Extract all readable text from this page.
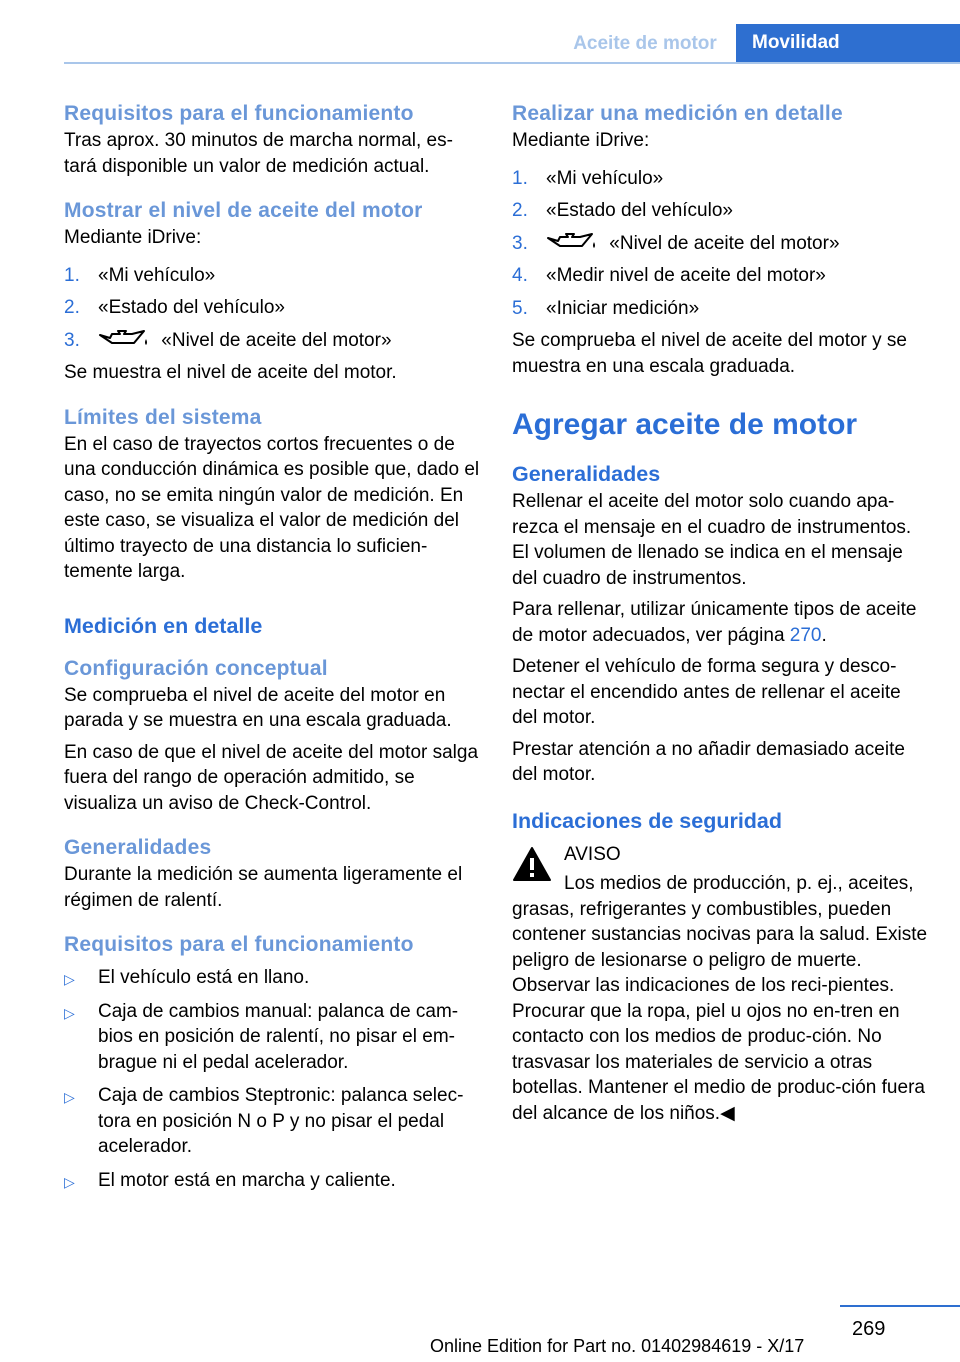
Aceite de motor	Movilidad
Requisitos para el funcionamiento

Tras aprox. 30 minutos de marcha normal, es‐tará disponible un valor de medición actual.

Mostrar el nivel de aceite del motor

Mediante iDrive:

1. «Mi vehículo»
2. «Estado del vehículo»
3.	«Nivel de aceite del motor»

Se muestra el nivel de aceite del motor.

Límites del sistema

En el caso de trayectos cortos frecuentes o de una conducción dinámica es posible que, dado el caso, no se emita ningún valor de medición. En este caso, se visualiza el valor de medición del último trayecto de una distancia lo suficien‐temente larga.

Medición en detalle
Configuración conceptual

Se comprueba el nivel de aceite del motor en parada y se muestra en una escala graduada.

En caso de que el nivel de aceite del motor salga fuera del rango de operación admitido, se visualiza un aviso de Check-Control.

Generalidades

Durante la medición se aumenta ligeramente el régimen de ralentí.

Requisitos para el funcionamiento
▷ El vehículo está en llano.
▷ Caja de cambios manual: palanca de cam‐bios en posición de ralentí, no pisar el em‐brague ni el pedal acelerador.
▷ Caja de cambios Steptronic: palanca selec‐tora en posición N o P y no pisar el pedal acelerador.
▷ El motor está en marcha y caliente.
Realizar una medición en detalle

Mediante iDrive:

1. «Mi vehículo»
2. «Estado del vehículo»
3.	«Nivel de aceite del motor»
4. «Medir nivel de aceite del motor»
5. «Iniciar medición»

Se comprueba el nivel de aceite del motor y se muestra en una escala graduada.

Agregar aceite de motor
Generalidades

Rellenar el aceite del motor solo cuando apa‐rezca el mensaje en el cuadro de instrumentos. El volumen de llenado se indica en el mensaje del cuadro de instrumentos.

Para rellenar, utilizar únicamente tipos de aceite de motor adecuados, ver página 270.

Detener el vehículo de forma segura y desco‐nectar el encendido antes de rellenar el aceite del motor.

Prestar atención a no añadir demasiado aceite del motor.

Indicaciones de seguridad

AVISO

Los medios de producción, p. ej., aceites,

grasas, refrigerantes y combustibles, pueden contener sustancias nocivas para la salud. Existe peligro de lesionarse o peligro de muerte. Observar las indicaciones de los reci‐pientes. Procurar que la ropa, piel u ojos no en‐tren en contacto con los medios de produc‐ción. No trasvasar los materiales de servicio a otras botellas. Mantener el medio de produc‐ción fuera del alcance de los niños.◀

269
Online Edition for Part no. 01402984619 - X/17
